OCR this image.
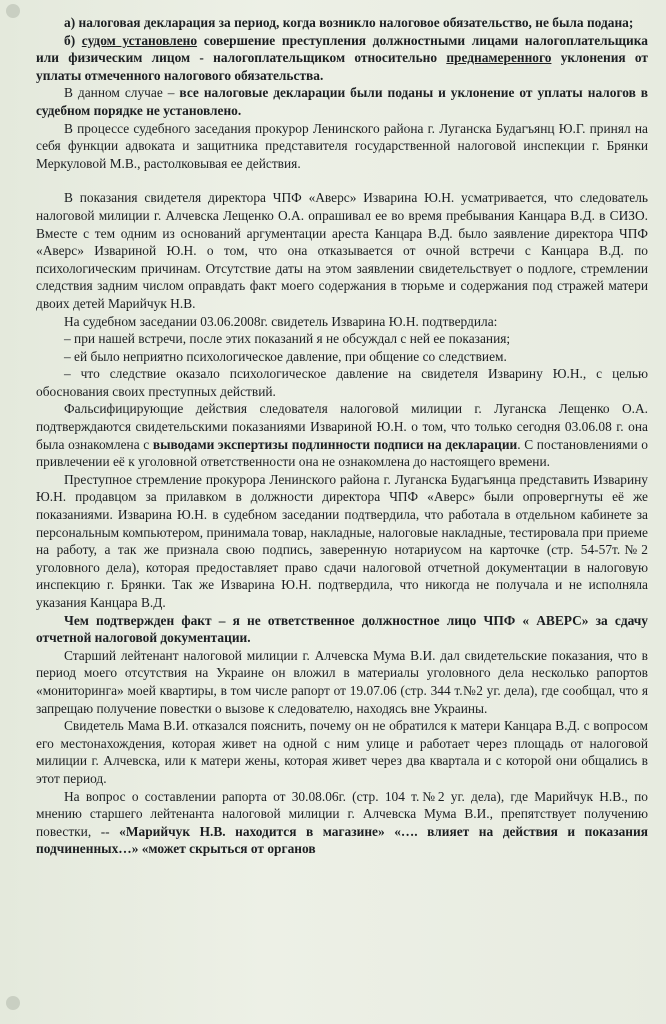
а) налоговая декларация за период, когда возникло налоговое обязательство, не была подана;

б) судом установлено совершение преступления должностными лицами налогоплательщика или физическим лицом - налогоплательщиком относительно преднамеренного уклонения от уплаты отмеченного налогового обязательства.

В данном случае – все налоговые декларации были поданы и уклонение от уплаты налогов в судебном порядке не установлено.

В процессе судебного заседания прокурор Ленинского района г. Луганска Будагъянц Ю.Г. принял на себя функции адвоката и защитника представителя государственной налоговой инспекции г. Брянки Меркуловой М.В., растолковывая ее действия.

В показания свидетеля директора ЧПФ «Аверс» Изварина Ю.Н. усматривается, что следователь налоговой милиции г. Алчевска Лещенко О.А. опрашивал ее во время пребывания Канцара В.Д. в СИЗО. Вместе с тем одним из оснований аргументации ареста Канцара В.Д. было заявление директора ЧПФ «Аверс» Извариной Ю.Н. о том, что она отказывается от очной встречи с Канцара В.Д. по психологическим причинам. Отсутствие даты на этом заявлении свидетельствует о подлоге, стремлении следствия задним числом оправдать факт моего содержания в тюрьме и содержания под стражей матери двоих детей Марийчук Н.В.

На судебном заседании 03.06.2008г. свидетель Изварина Ю.Н. подтвердила:

– при нашей встречи, после этих показаний я не обсуждал с ней ее показания;

– ей было неприятно психологическое давление, при общение со следствием.

– что следствие оказало психологическое давление на свидетеля Изварину Ю.Н., с целью обоснования своих преступных действий.

Фальсифицирующие действия следователя налоговой милиции г. Луганска Лещенко О.А. подтверждаются свидетельскими показаниями Извариной Ю.Н. о том, что только сегодня 03.06.08 г. она была ознакомлена с выводами экспертизы подлинности подписи на декларации. С постановлениями о привлечении её к уголовной ответственности она не ознакомлена до настоящего времени.

Преступное стремление прокурора Ленинского района г. Луганска Будагъянца представить Изварину Ю.Н. продавцом за прилавком в должности директора ЧПФ «Аверс» были опровергнуты её же показаниями. Изварина Ю.Н. в судебном заседании подтвердила, что работала в отдельном кабинете за персональным компьютером, принимала товар, накладные, налоговые накладные, тестировала при приеме на работу, а так же признала свою подпись, заверенную нотариусом на карточке (стр. 54-57т.№2 уголовного дела), которая предоставляет право сдачи налоговой отчетной документации в налоговую инспекцию г. Брянки. Так же Изварина Ю.Н. подтвердила, что никогда не получала и не исполняла указания Канцара В.Д.

Чем подтвержден факт – я не ответственное должностное лицо ЧПФ « АВЕРС» за сдачу отчетной налоговой документации.

Старший лейтенант налоговой милиции г. Алчевска Мума В.И. дал свидетельские показания, что в период моего отсутствия на Украине он вложил в материалы уголовного дела несколько рапортов «мониторинга» моей квартиры, в том числе рапорт от 19.07.06 (стр. 344 т.№2 уг. дела), где сообщал, что я запрещаю получение повестки о вызове к следователю, находясь вне Украины.

Свидетель Мама В.И. отказался пояснить, почему он не обратился к матери Канцара В.Д. с вопросом его местонахождения, которая живет на одной с ним улице и работает через площадь от налоговой милиции г. Алчевска, или к матери жены, которая живет через два квартала и с которой они общались в этот период.

На вопрос о составлении рапорта от 30.08.06г. (стр. 104 т.№2 уг. дела), где Марийчук Н.В., по мнению старшего лейтенанта налоговой милиции г. Алчевска Мума В.И., препятствует получению повестки, -- «Марийчук Н.В. находится в магазине» «…. влияет на действия и показания подчиненных…» «может скрыться от органов
